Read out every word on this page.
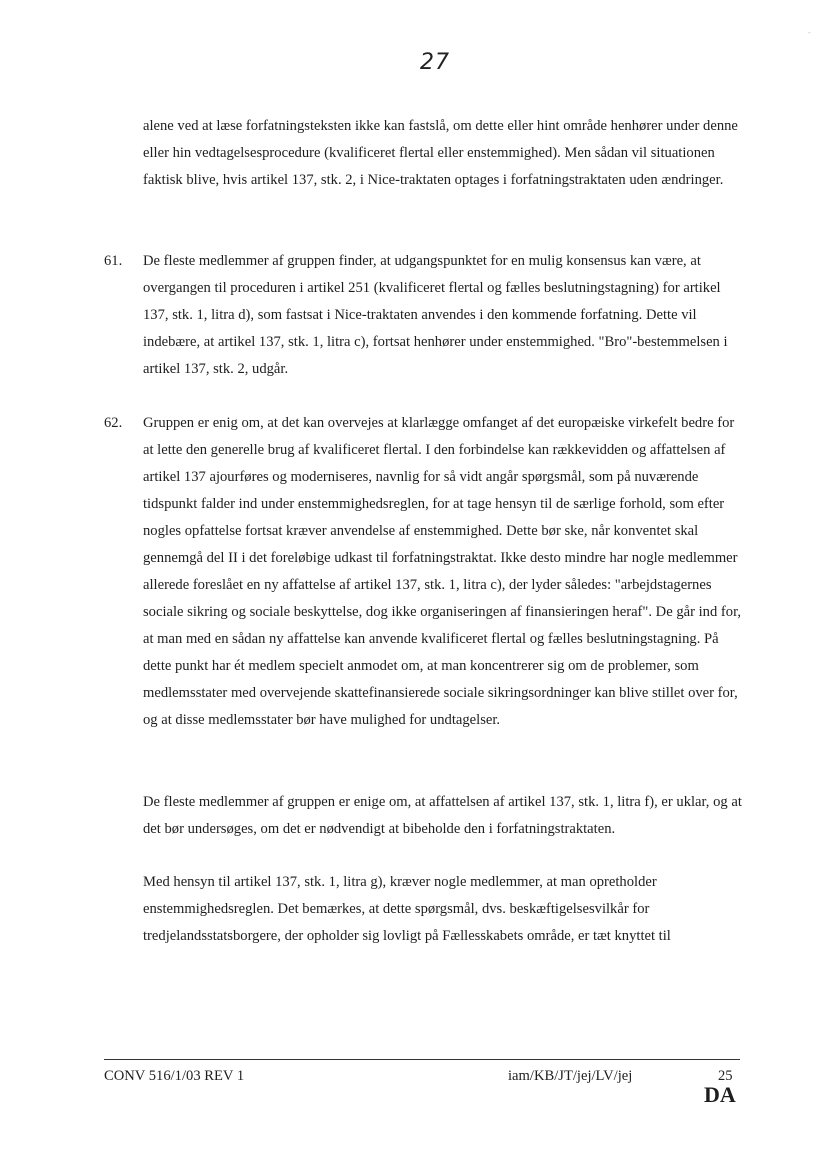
-
27

alene ved at læse forfatningsteksten ikke kan fastslå, om dette eller hint område henhører under denne eller hin vedtagelsesprocedure (kvalificeret flertal eller enstemmighed). Men sådan vil situationen faktisk blive, hvis artikel 137, stk. 2, i Nice-traktaten optages i forfatningstraktaten uden ændringer.

61. De fleste medlemmer af gruppen finder, at udgangspunktet for en mulig konsensus kan være, at overgangen til proceduren i artikel 251 (kvalificeret flertal og fælles beslutningstagning) for artikel 137, stk. 1, litra d), som fastsat i Nice-traktaten anvendes i den kommende forfatning. Dette vil indebære, at artikel 137, stk. 1, litra c), fortsat henhører under enstemmighed. "Bro"-bestemmelsen i artikel 137, stk. 2, udgår.

62. Gruppen er enig om, at det kan overvejes at klarlægge omfanget af det europæiske virkefelt bedre for at lette den generelle brug af kvalificeret flertal. I den forbindelse kan rækkevidden og affattelsen af artikel 137 ajourføres og moderniseres, navnlig for så vidt angår spørgsmål, som på nuværende tidspunkt falder ind under enstemmighedsreglen, for at tage hensyn til de særlige forhold, som efter nogles opfattelse fortsat kræver anvendelse af enstemmighed. Dette bør ske, når konventet skal gennemgå del II i det foreløbige udkast til forfatningstraktat. Ikke desto mindre har nogle medlemmer allerede foreslået en ny affattelse af artikel 137, stk. 1, litra c), der lyder således: "arbejdstagernes sociale sikring og sociale beskyttelse, dog ikke organiseringen af finansieringen heraf". De går ind for, at man med en sådan ny affattelse kan anvende kvalificeret flertal og fælles beslutningstagning. På dette punkt har ét medlem specielt anmodet om, at man koncentrerer sig om de problemer, som medlemsstater med overvejende skattefinansierede sociale sikringsordninger kan blive stillet over for, og at disse medlemsstater bør have mulighed for undtagelser.

De fleste medlemmer af gruppen er enige om, at affattelsen af artikel 137, stk. 1, litra f), er uklar, og at det bør undersøges, om det er nødvendigt at bibeholde den i forfatningstraktaten.

Med hensyn til artikel 137, stk. 1, litra g), kræver nogle medlemmer, at man opretholder enstemmighedsreglen. Det bemærkes, at dette spørgsmål, dvs. beskæftigelsesvilkår for tredjelandsstatsborgere, der opholder sig lovligt på Fællesskabets område, er tæt knyttet til

CONV 516/1/03 REV 1	iam/KB/JT/jej/LV/jej	25
DA
